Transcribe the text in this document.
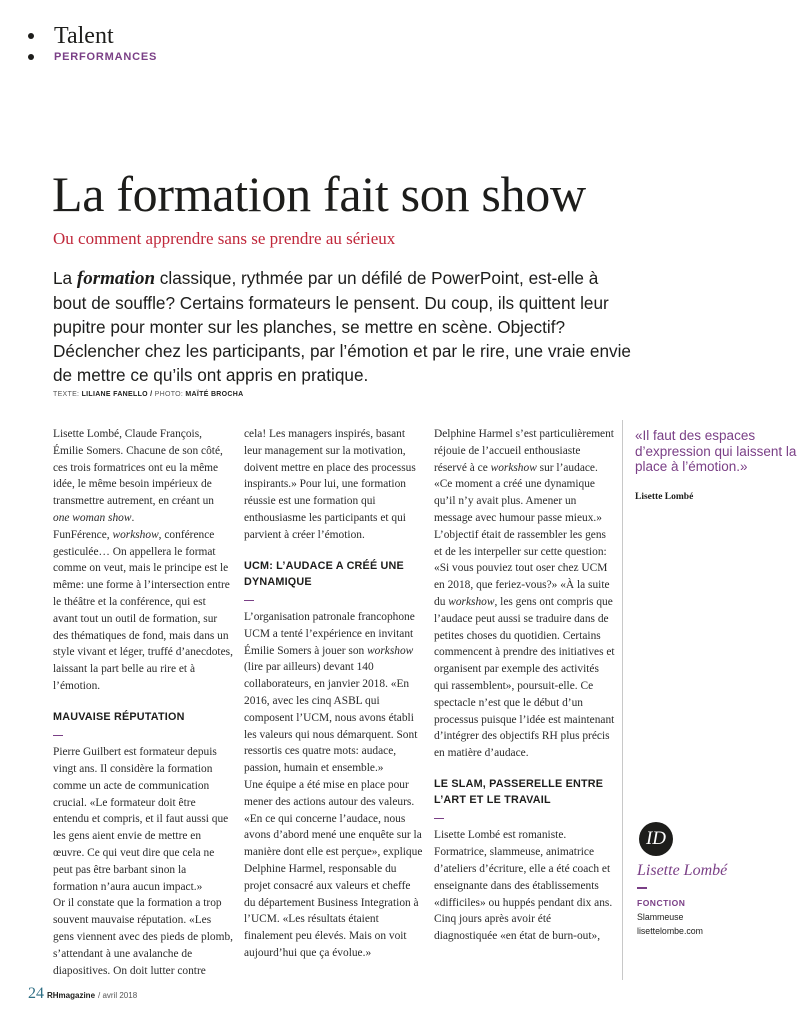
Talent
PERFORMANCES
La formation fait son show
Ou comment apprendre sans se prendre au sérieux
La formation classique, rythmée par un défilé de PowerPoint, est-elle à bout de souffle? Certains formateurs le pensent. Du coup, ils quittent leur pupitre pour monter sur les planches, se mettre en scène. Objectif? Déclencher chez les participants, par l’émotion et par le rire, une vraie envie de mettre ce qu’ils ont appris en pratique.
TEXTE: LILIANE FANELLO / PHOTO: MAÏTÉ BROCHA

Lisette Lombé, Claude François, Émilie Somers. Chacune de son côté, ces trois formatrices ont eu la même idée, le même besoin impérieux de transmettre autrement, en créant un one woman show.

FunFérence, workshow, conférence gesticulée… On appellera le format comme on veut, mais le principe est le même: une forme à l’intersection entre le théâtre et la conférence, qui est avant tout un outil de formation, sur des thématiques de fond, mais dans un style vivant et léger, truffé d’anecdotes, laissant la part belle au rire et à l’émotion.

MAUVAISE RÉPUTATION

Pierre Guilbert est formateur depuis vingt ans. Il considère la formation comme un acte de communication crucial. «Le formateur doit être entendu et compris, et il faut aussi que les gens aient envie de mettre en œuvre. Ce qui veut dire que cela ne peut pas être barbant sinon la formation n’aura aucun impact.»

Or il constate que la formation a trop souvent mauvaise réputation. «Les gens viennent avec des pieds de plomb, s’attendant à une avalanche de diapositives. On doit lutter contre

cela! Les managers inspirés, basant leur management sur la motivation, doivent mettre en place des processus inspirants.» Pour lui, une formation réussie est une formation qui enthousiasme les participants et qui parvient à créer l’émotion.

UCM: L’AUDACE A CRÉÉ UNE DYNAMIQUE

L’organisation patronale francophone UCM a tenté l’expérience en invitant Émilie Somers à jouer son workshow (lire par ailleurs) devant 140 collaborateurs, en janvier 2018. «En 2016, avec les cinq ASBL qui composent l’UCM, nous avons établi les valeurs qui nous démarquent. Sont ressortis ces quatre mots: audace, passion, humain et ensemble.»

Une équipe a été mise en place pour mener des actions autour des valeurs. «En ce qui concerne l’audace, nous avons d’abord mené une enquête sur la manière dont elle est perçue», explique Delphine Harmel, responsable du projet consacré aux valeurs et cheffe du département Business Integration à l’UCM. «Les résultats étaient finalement peu élevés. Mais on voit aujourd’hui que ça évolue.»

Delphine Harmel s’est particulièrement réjouie de l’accueil enthousiaste réservé à ce workshow sur l’audace. «Ce moment a créé une dynamique qu’il n’y avait plus. Amener un message avec humour passe mieux.» L’objectif était de rassembler les gens et de les interpeller sur cette question: «Si vous pouviez tout oser chez UCM en 2018, que feriez-vous?» «À la suite du workshow, les gens ont compris que l’audace peut aussi se traduire dans de petites choses du quotidien. Certains commencent à prendre des initiatives et organisent par exemple des activités qui rassemblent», poursuit-elle. Ce spectacle n’est que le début d’un processus puisque l’idée est maintenant d’intégrer des objectifs RH plus précis en matière d’audace.

LE SLAM, PASSERELLE ENTRE L’ART ET LE TRAVAIL

Lisette Lombé est romaniste. Formatrice, slammeuse, animatrice d’ateliers d’écriture, elle a été coach et enseignante dans des établissements «difficiles» ou huppés pendant dix ans. Cinq jours après avoir été diagnostiquée «en état de burn-out»,

«Il faut des espaces d’expression qui laissent la place à l’émotion.»
Lisette Lombé
ID
Lisette Lombé
FONCTION
Slammeuse
lisettelombe.com
24 RHmagazine / avril 2018
